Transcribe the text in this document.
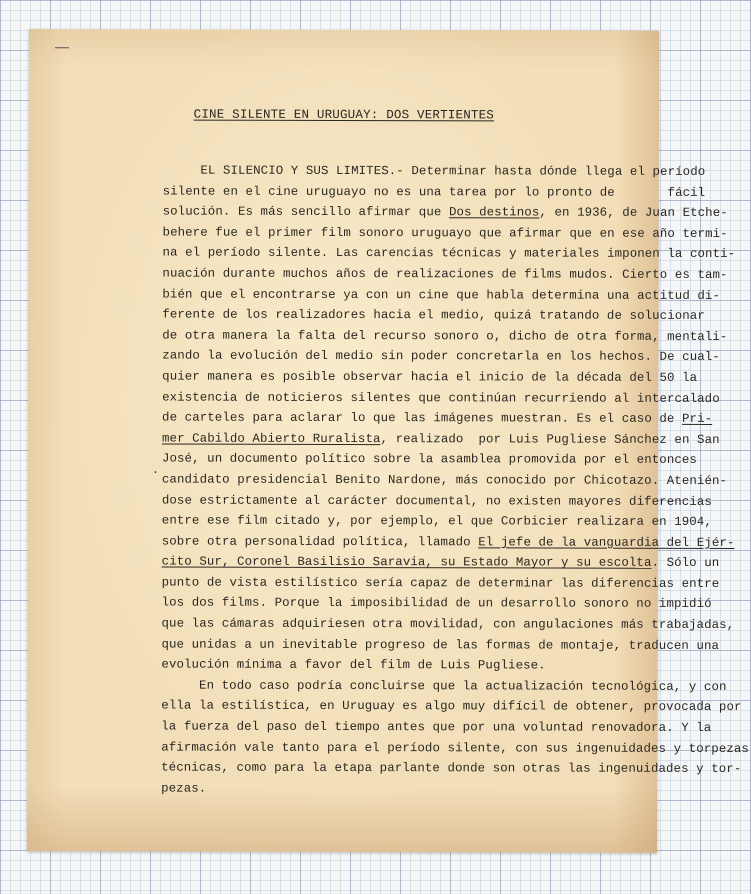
CINE SILENTE EN URUGUAY: DOS VERTIENTES
·
EL SILENCIO Y SUS LIMITES.- Determinar hasta dónde llega el período
silente en el cine uruguayo no es una tarea por lo pronto de       fácil
solución. Es más sencillo afirmar que Dos destinos, en 1936, de Juan Etche-
behere fue el primer film sonoro uruguayo que afirmar que en ese año termi-
na el período silente. Las carencias técnicas y materiales imponen la conti-
nuación durante muchos años de realizaciones de films mudos. Cierto es tam-
bién que el encontrarse ya con un cine que habla determina una actitud di-
ferente de los realizadores hacia el medio, quizá tratando de solucionar
de otra manera la falta del recurso sonoro o, dicho de otra forma, mentali-
zando la evolución del medio sin poder concretarla en los hechos. De cual-
quier manera es posible observar hacia el inicio de la década del 50 la
existencia de noticieros silentes que continúan recurriendo al intercalado
de carteles para aclarar lo que las imágenes muestran. Es el caso de Pri-
mer Cabildo Abierto Ruralista, realizado  por Luis Pugliese Sánchez en San
José, un documento político sobre la asamblea promovida por el entonces
candidato presidencial Benito Nardone, más conocido por Chicotazo. Atenién-
dose estrictamente al carácter documental, no existen mayores diferencias
entre ese film citado y, por ejemplo, el que Corbicier realizara en 1904,
sobre otra personalidad política, llamado El jefe de la vanguardia del Ejér-
cito Sur, Coronel Basilisio Saravia, su Estado Mayor y su escolta. Sólo un
punto de vista estilístico sería capaz de determinar las diferencias entre
los dos films. Porque la imposibilidad de un desarrollo sonoro no impidió
que las cámaras adquiriesen otra movilidad, con angulaciones más trabajadas,
que unidas a un inevitable progreso de las formas de montaje, traducen una
evolución mínima a favor del film de Luis Pugliese.
En todo caso podría concluirse que la actualización tecnológica, y con
ella la estilística, en Uruguay es algo muy difícil de obtener, provocada por
la fuerza del paso del tiempo antes que por una voluntad renovadora. Y la
afirmación vale tanto para el período silente, con sus ingenuidades y torpezas
técnicas, como para la etapa parlante donde son otras las ingenuidades y tor-
pezas.
